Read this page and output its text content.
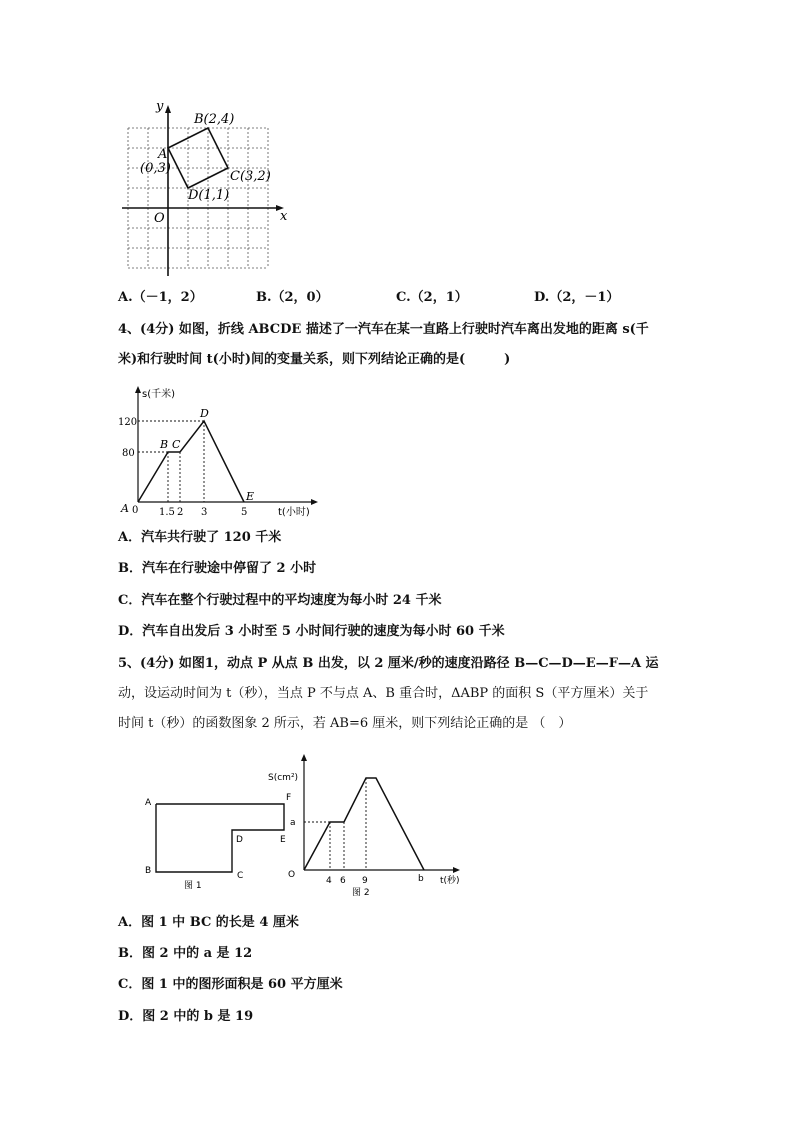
y
x
O
B(2,4)
A
(0,3)
C(3,2)
D(1,1)
A.（－1，2）	B.（2，0）	C.（2，1）	D.（2，－1）
4、(4分) 如图，折线 ABCDE 描述了一汽车在某一直路上行驶时汽车离出发地的距离 s(千
米)和行驶时间 t(小时)间的变量关系，则下列结论正确的是(　　　)
s(千米)
120
80
B C
D
E
A 0 1.5 2 3	5	t(小时)
A．汽车共行驶了 120 千米
B．汽车在行驶途中停留了 2 小时
C．汽车在整个行驶过程中的平均速度为每小时 24 千米
D．汽车自出发后 3 小时至 5 小时间行驶的速度为每小时 60 千米
5、(4分) 如图1，动点 P 从点 B 出发，以 2 厘米/秒的速度沿路径 B—C—D—E—F—A 运
动，设运动时间为 t（秒），当点 P 不与点 A、B 重合时，ΔABP 的面积 S（平方厘米）关于
时间 t（秒）的函数图象 2 所示，若 AB=6 厘米，则下列结论正确的是 （　）
A
B	C
D	E
F
图 1
S(cm²)
a
O
4 6 9	b t(秒)
图 2
A．图 1 中 BC 的长是 4 厘米
B．图 2 中的 a 是 12
C．图 1 中的图形面积是 60 平方厘米
D．图 2 中的 b 是 19
